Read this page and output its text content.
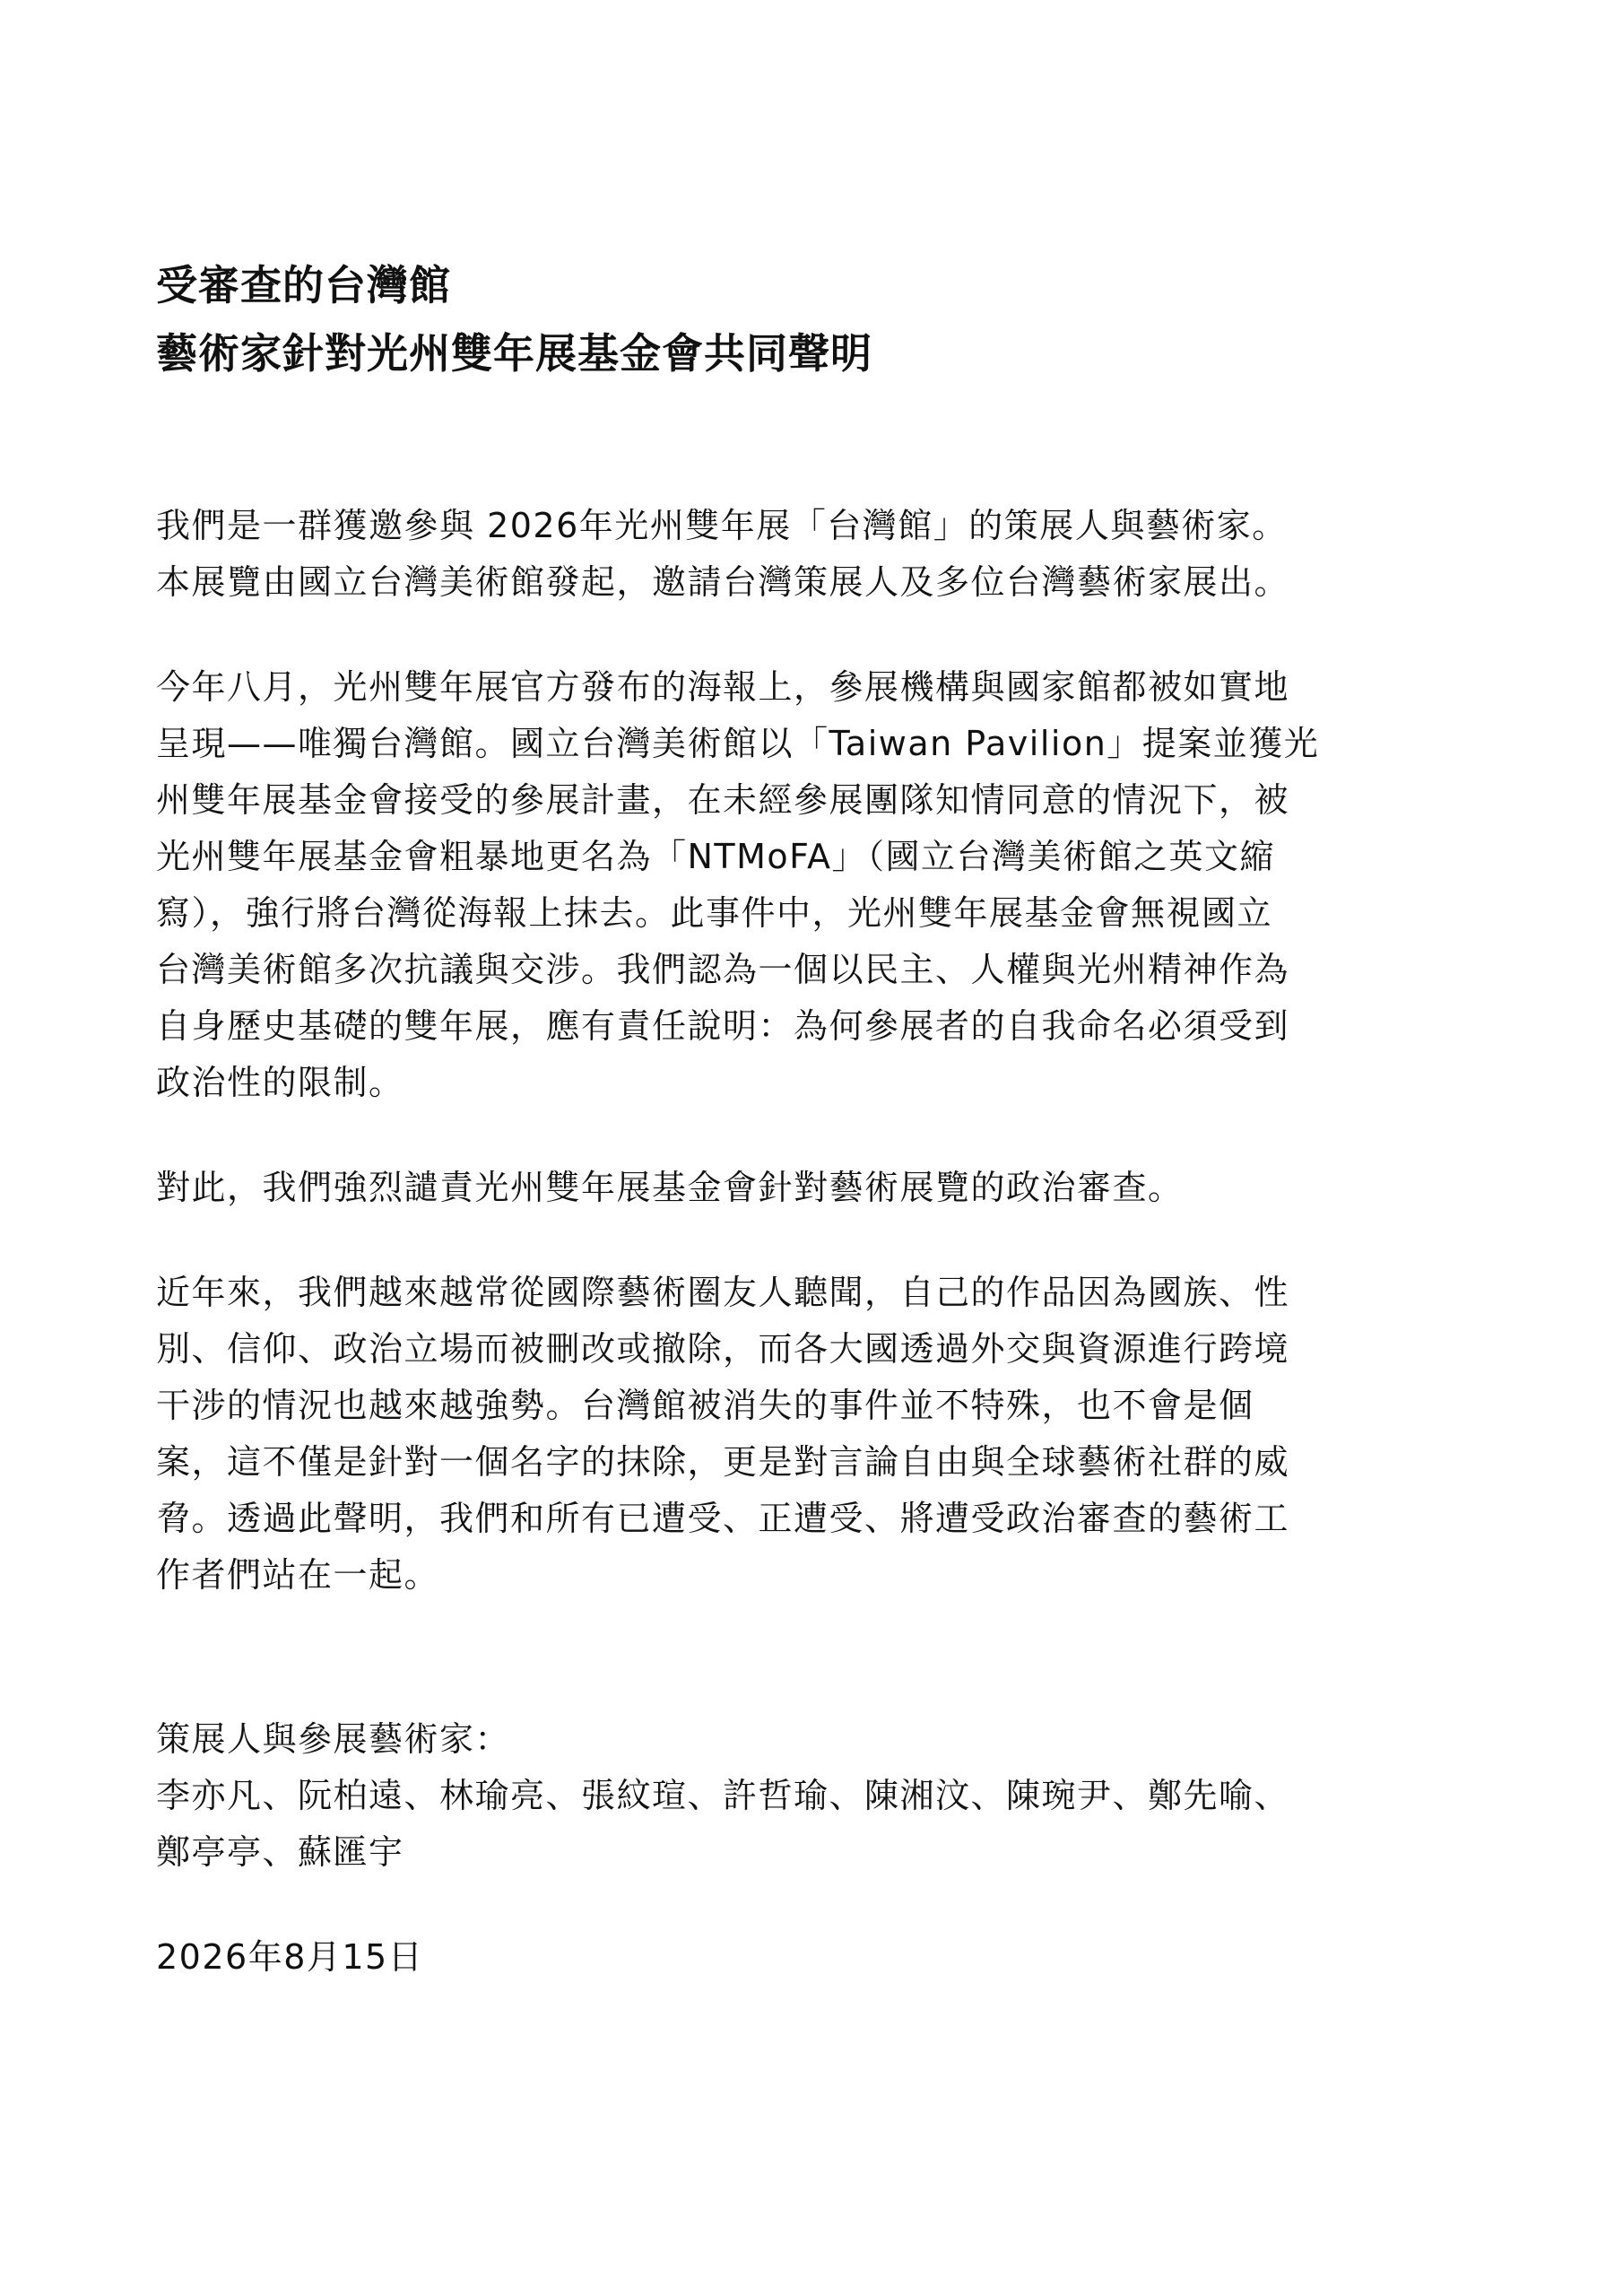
受審查的台灣館
藝術家針對光州雙年展基金會共同聲明

我們是一群獲邀參與 2026年光州雙年展「台灣館」的策展人與藝術家。
本展覽由國立台灣美術館發起，邀請台灣策展人及多位台灣藝術家展出。

今年八月，光州雙年展官方發布的海報上，參展機構與國家館都被如實地
呈現——唯獨台灣館。國立台灣美術館以「Taiwan Pavilion」提案並獲光
州雙年展基金會接受的參展計畫，在未經參展團隊知情同意的情況下，被
光州雙年展基金會粗暴地更名為「NTMoFA」（國立台灣美術館之英文縮
寫），強行將台灣從海報上抹去。此事件中，光州雙年展基金會無視國立
台灣美術館多次抗議與交涉。我們認為一個以民主、人權與光州精神作為
自身歷史基礎的雙年展，應有責任說明：為何參展者的自我命名必須受到
政治性的限制。

對此，我們強烈譴責光州雙年展基金會針對藝術展覽的政治審查。

近年來，我們越來越常從國際藝術圈友人聽聞，自己的作品因為國族、性
別、信仰、政治立場而被刪改或撤除，而各大國透過外交與資源進行跨境
干涉的情況也越來越強勢。台灣館被消失的事件並不特殊，也不會是個
案，這不僅是針對一個名字的抹除，更是對言論自由與全球藝術社群的威
脅。透過此聲明，我們和所有已遭受、正遭受、將遭受政治審查的藝術工
作者們站在一起。

策展人與參展藝術家：
李亦凡、阮柏遠、林瑜亮、張紋瑄、許哲瑜、陳湘汶、陳琬尹、鄭先喻、
鄭亭亭、蘇匯宇

2026年8月15日
